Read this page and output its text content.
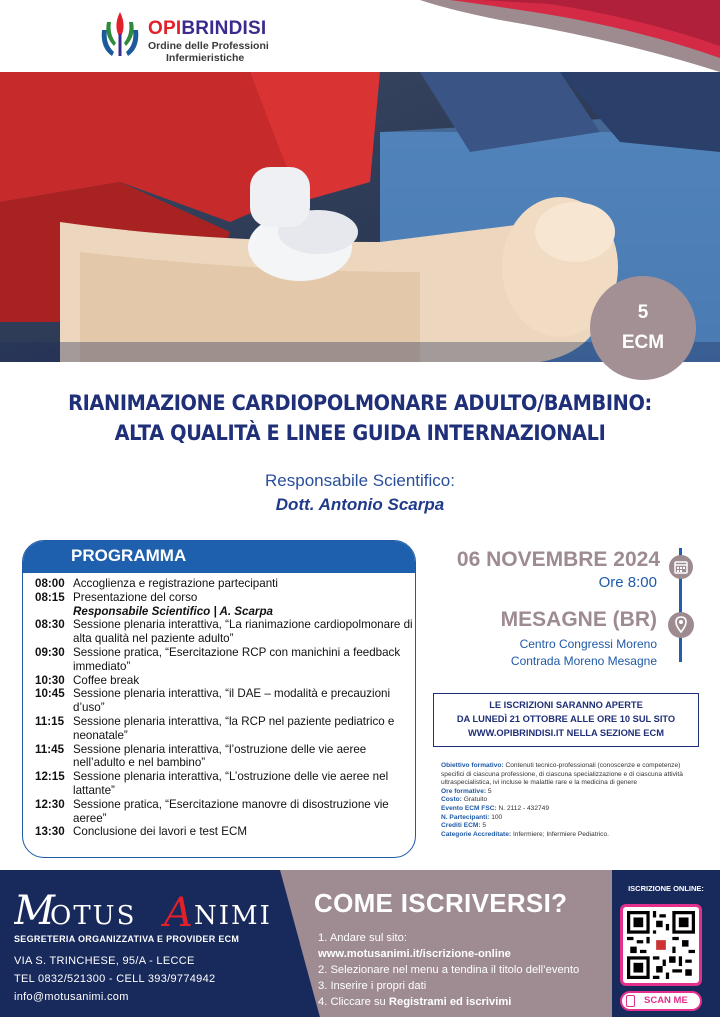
OPIBRINDISI
Ordine delle Professioni
Infermieristiche
5
ECM
RIANIMAZIONE CARDIOPOLMONARE ADULTO/BAMBINO:
ALTA QUALITÀ E LINEE GUIDA INTERNAZIONALI
Responsabile Scientifico:
Dott. Antonio Scarpa
PROGRAMMA
08:00 Accoglienza e registrazione partecipanti
08:15 Presentazione del corso
Responsabile Scientifico | A. Scarpa
08:30 Sessione plenaria interattiva, “La rianimazione cardiopolmonare di alta qualità nel paziente adulto”
09:30 Sessione pratica, “Esercitazione RCP con manichini a feedback immediato”
10:30 Coffee break
10:45 Sessione plenaria interattiva, “il DAE – modalità e precauzioni d’uso”
11:15 Sessione plenaria interattiva, “la RCP nel paziente pediatrico e neonatale”
11:45 Sessione plenaria interattiva, “l’ostruzione delle vie aeree nell’adulto e nel bambino”
12:15 Sessione plenaria interattiva, “L’ostruzione delle vie aeree nel lattante”
12:30 Sessione pratica, “Esercitazione manovre di disostruzione vie aeree”
13:30 Conclusione dei lavori e test ECM
06 NOVEMBRE 2024
Ore 8:00
MESAGNE (BR)
Centro Congressi Moreno
Contrada Moreno Mesagne
LE ISCRIZIONI SARANNO APERTE
DA LUNEDÌ 21 OTTOBRE ALLE ORE 10 SUL SITO
WWW.OPIBRINDISI.IT NELLA SEZIONE ECM
Obiettivo formativo: Contenuti tecnico-professionali (conoscenze e competenze) specifici di ciascuna professione, di ciascuna specializzazione e di ciascuna attività ultraspecialistica, ivi incluse le malattie rare e la medicina di genere
Ore formative: 5
Costo: Gratuito
Evento ECM FSC: N. 2112 - 432749
N. Partecipanti: 100
Crediti ECM: 5
Categorie Accreditate: Infermiere; Infermiere Pediatrico.
M
OTUS A NIMI
SEGRETERIA ORGANIZZATIVA E PROVIDER ECM
VIA S. TRINCHESE, 95/A - LECCE
TEL 0832/521300 - CELL 393/9774942
info@motusanimi.com
COME ISCRIVERSI?
1. Andare sul sito:
www.motusanimi.it/iscrizione-online
2. Selezionare nel menu a tendina il titolo dell’evento
3. Inserire i propri dati
4. Cliccare su Registrami ed iscrivimi
ISCRIZIONE ONLINE:
SCAN ME
